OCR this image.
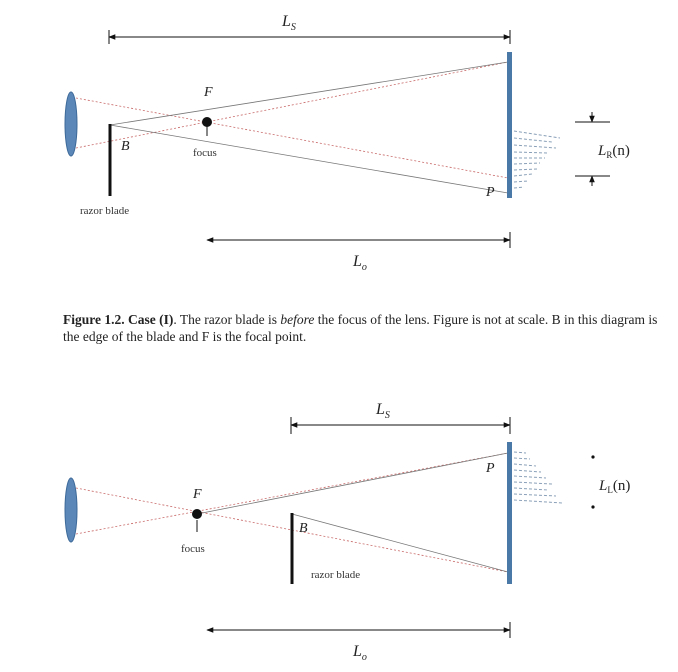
$L_S$
B
razor blade
F
focus
P
$L_R(n)$
$L_o$
$L_S$
F
focus
B
razor blade
P
$L_L(n)$
$L_o$
Figure 1.2. Case (I). The razor blade is before the focus of the lens. Figure is not at scale. B in this diagram is the edge of the blade and F is the focal point.
